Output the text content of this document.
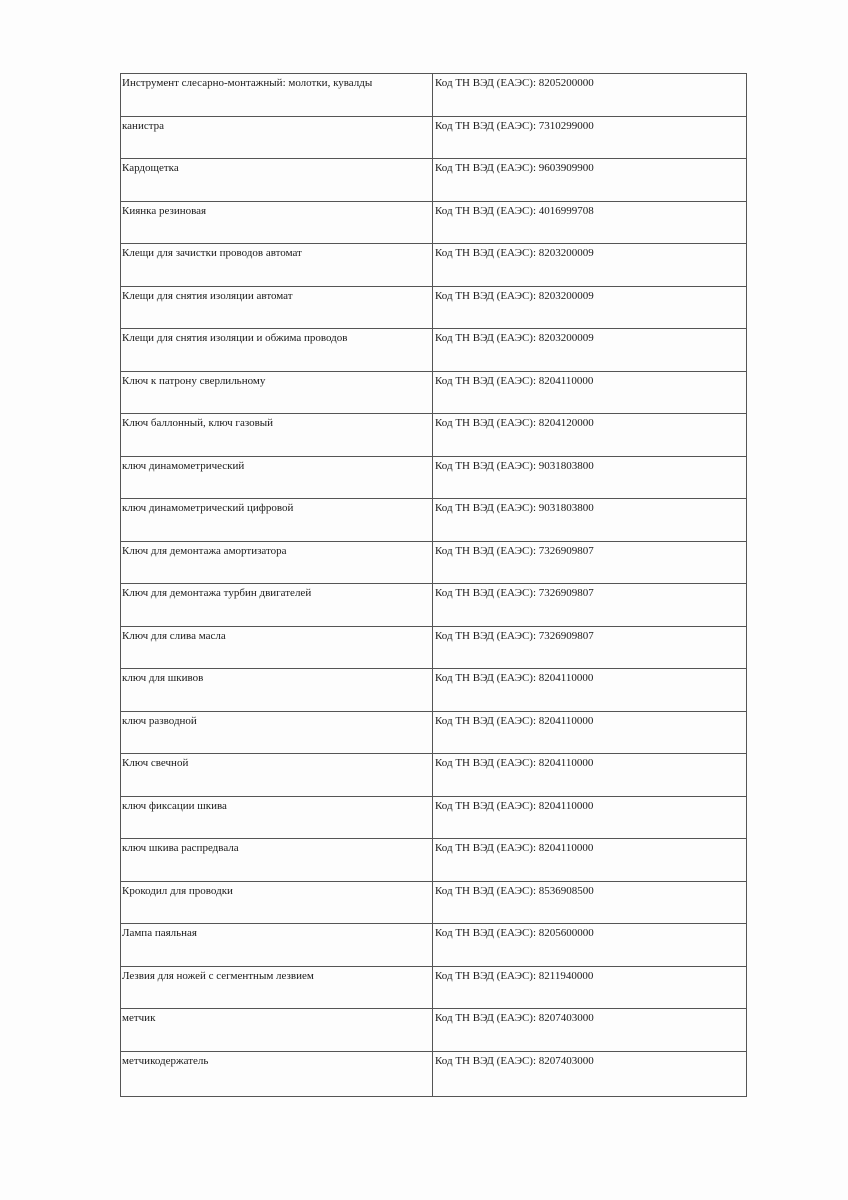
Инструмент слесарно-монтажный: молотки, кувалды	Код ТН ВЭД (ЕАЭС): 8205200000

канистра	Код ТН ВЭД (ЕАЭС): 7310299000

Кардощетка	Код ТН ВЭД (ЕАЭС): 9603909900

Киянка резиновая	Код ТН ВЭД (ЕАЭС): 4016999708

Клещи для зачистки проводов автомат	Код ТН ВЭД (ЕАЭС): 8203200009

Клещи для снятия изоляции автомат	Код ТН ВЭД (ЕАЭС): 8203200009

Клещи для снятия изоляции и обжима проводов	Код ТН ВЭД (ЕАЭС): 8203200009

Ключ к патрону сверлильному	Код ТН ВЭД (ЕАЭС): 8204110000

Ключ баллонный, ключ газовый	Код ТН ВЭД (ЕАЭС): 8204120000

ключ динамометрический	Код ТН ВЭД (ЕАЭС): 9031803800

ключ динамометрический цифровой	Код ТН ВЭД (ЕАЭС): 9031803800

Ключ для демонтажа амортизатора	Код ТН ВЭД (ЕАЭС): 7326909807

Ключ для демонтажа турбин двигателей	Код ТН ВЭД (ЕАЭС): 7326909807

Ключ для слива масла	Код ТН ВЭД (ЕАЭС): 7326909807

ключ для шкивов	Код ТН ВЭД (ЕАЭС): 8204110000

ключ разводной	Код ТН ВЭД (ЕАЭС): 8204110000

Ключ свечной	Код ТН ВЭД (ЕАЭС): 8204110000

ключ фиксации шкива	Код ТН ВЭД (ЕАЭС): 8204110000

ключ шкива распредвала	Код ТН ВЭД (ЕАЭС): 8204110000

Крокодил для проводки	Код ТН ВЭД (ЕАЭС): 8536908500

Лампа паяльная	Код ТН ВЭД (ЕАЭС): 8205600000

Лезвия для ножей с сегментным лезвием	Код ТН ВЭД (ЕАЭС): 8211940000

метчик	Код ТН ВЭД (ЕАЭС): 8207403000

метчикодержатель	Код ТН ВЭД (ЕАЭС): 8207403000
